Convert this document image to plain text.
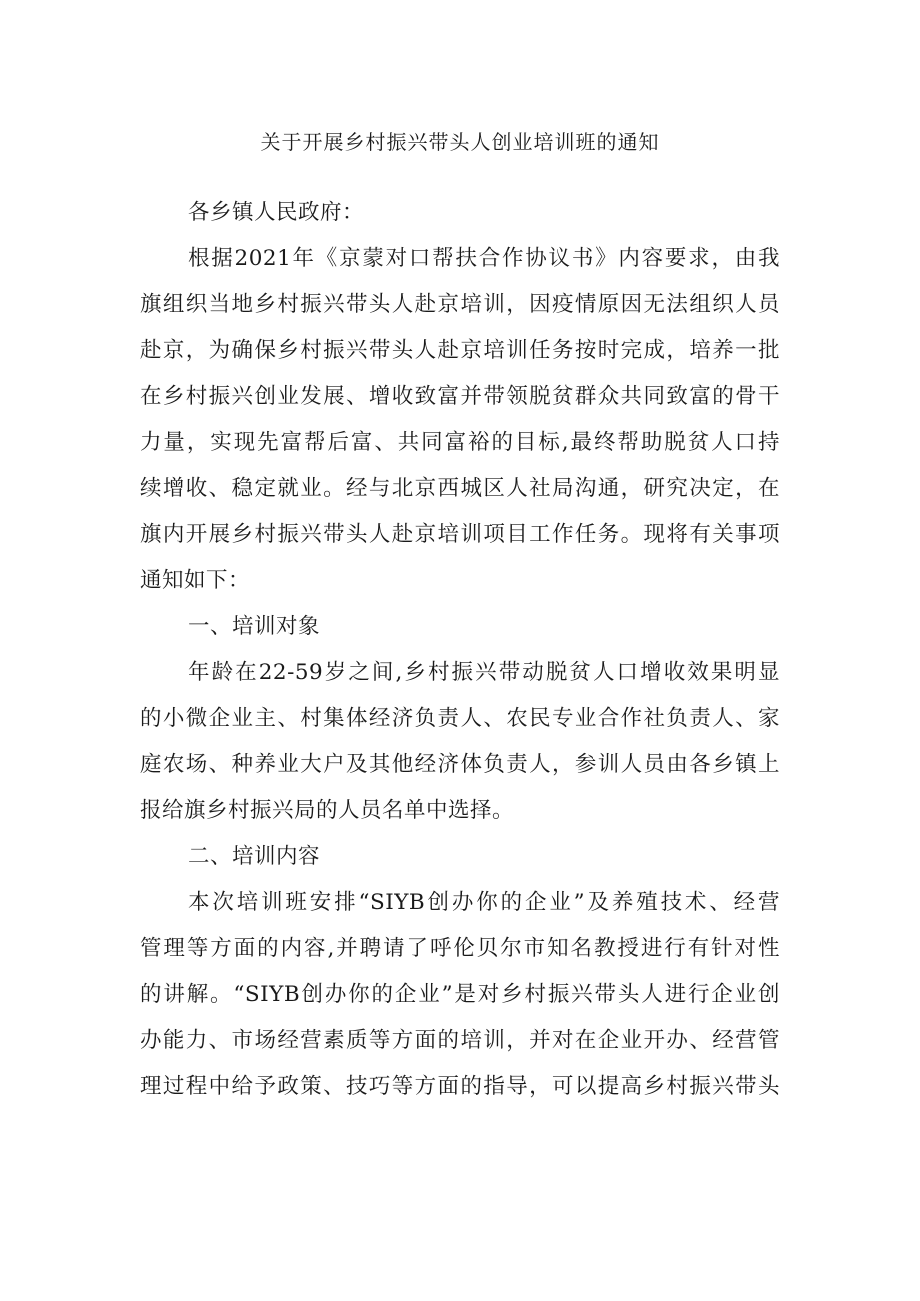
关于开展乡村振兴带头人创业培训班的通知

各乡镇人民政府：

根据2021年《京蒙对口帮扶合作协议书》内容要求，由我

旗组织当地乡村振兴带头人赴京培训，因疫情原因无法组织人员

赴京，为确保乡村振兴带头人赴京培训任务按时完成，培养一批

在乡村振兴创业发展、增收致富并带领脱贫群众共同致富的骨干

力量，实现先富帮后富、共同富裕的目标,最终帮助脱贫人口持

续增收、稳定就业。经与北京西城区人社局沟通，研究决定，在

旗内开展乡村振兴带头人赴京培训项目工作任务。现将有关事项

通知如下：

一、培训对象

年龄在22-59岁之间,乡村振兴带动脱贫人口增收效果明显

的小微企业主、村集体经济负责人、农民专业合作社负责人、家

庭农场、种养业大户及其他经济体负责人，参训人员由各乡镇上

报给旗乡村振兴局的人员名单中选择。

二、培训内容

本次培训班安排“SIYB创办你的企业”及养殖技术、经营

管理等方面的内容,并聘请了呼伦贝尔市知名教授进行有针对性

的讲解。“SIYB创办你的企业”是对乡村振兴带头人进行企业创

办能力、市场经营素质等方面的培训，并对在企业开办、经营管

理过程中给予政策、技巧等方面的指导，可以提高乡村振兴带头
